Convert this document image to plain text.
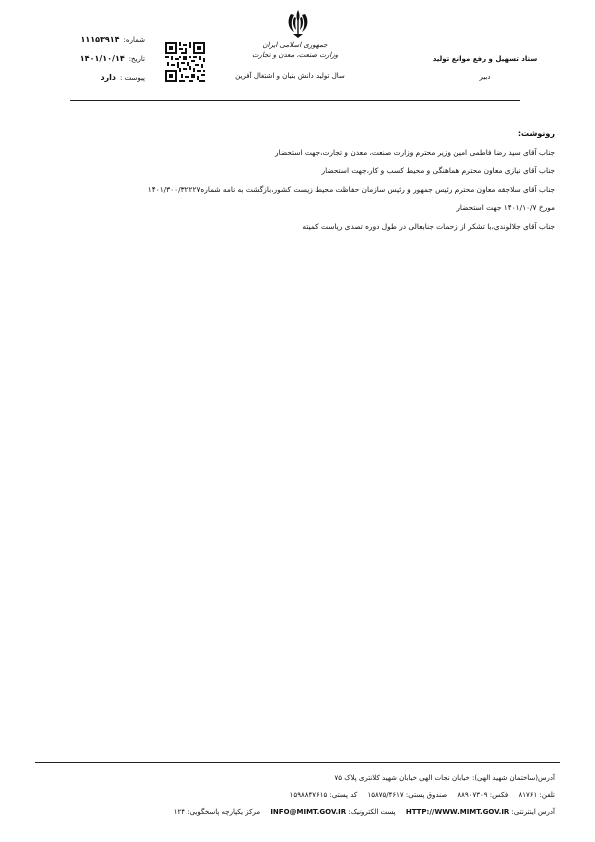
ستاد تسهیل و رفع موانع تولید
دبیر
جمهوری اسلامی ایران
وزارت صنعت، معدن و تجارت
سال تولید دانش بنیان و اشتغال آفرین
شماره:
۱۱۱۵۳۹۱۴
تاریخ:
۱۴۰۱/۱۰/۱۴
پیوست :
دارد
رونوشت:
جناب آقای سید رضا فاطمی امین وزیر محترم وزارت صنعت، معدن و تجارت،جهت استحضار
جناب آقای نیازی معاون محترم هماهنگی و محیط کسب و کار،جهت استحضار
جناب آقای سلاجقه معاون محترم رئیس جمهور و رئیس سازمان حفاظت محیط زیست کشور،بازگشت به نامه شماره۱۴۰۱/۳۰۰/۳۲۲۲۷
مورخ ۱۴۰۱/۱۰/۷ جهت استحضار
جناب آقای جلالوندی،با تشکر از زحمات جنابعالی در طول دوره تصدی ریاست کمیته
آدرس(ساختمان شهید الهی): خیابان نجات الهی خیابان شهید کلانتری پلاک ۷۵
تلفن: ۸۱۷۶۱ فکس: ۸۸۹۰۷۳۰۹ صندوق پستی: ۱۵۸۷۵/۴۶۱۷ کد پستی: ۱۵۹۸۸۴۷۶۱۵
آدرس اینترنتی: HTTP://WWW.MIMT.GOV.IR پست الکترونیک: INFO@MIMT.GOV.IR مرکز یکپارچه پاسخگویی: ۱۲۴
